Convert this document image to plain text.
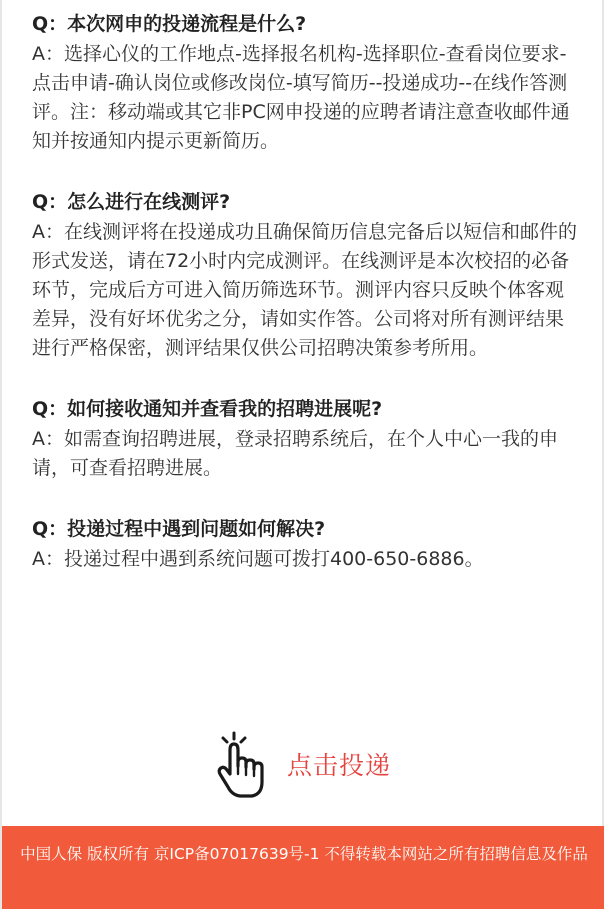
Q：本次网申的投递流程是什么?

A：选择心仪的工作地点-选择报名机构-选择职位-查看岗位要求-点击申请-确认岗位或修改岗位-填写简历--投递成功--在线作答测评。注：移动端或其它非PC网申投递的应聘者请注意查收邮件通知并按通知内提示更新简历。

Q：怎么进行在线测评?

A：在线测评将在投递成功且确保简历信息完备后以短信和邮件的形式发送，请在72小时内完成测评。在线测评是本次校招的必备环节，完成后方可进入简历筛选环节。测评内容只反映个体客观差异，没有好坏优劣之分，请如实作答。公司将对所有测评结果进行严格保密，测评结果仅供公司招聘决策参考所用。

Q：如何接收通知并查看我的招聘进展呢?

A：如需查询招聘进展，登录招聘系统后，在个人中心一我的申请，可查看招聘进展。

Q：投递过程中遇到问题如何解决?

A：投递过程中遇到系统问题可拨打400-650-6886。

点击投递
中国人保 版权所有 京ICP备07017639号-1 不得转载本网站之所有招聘信息及作品
